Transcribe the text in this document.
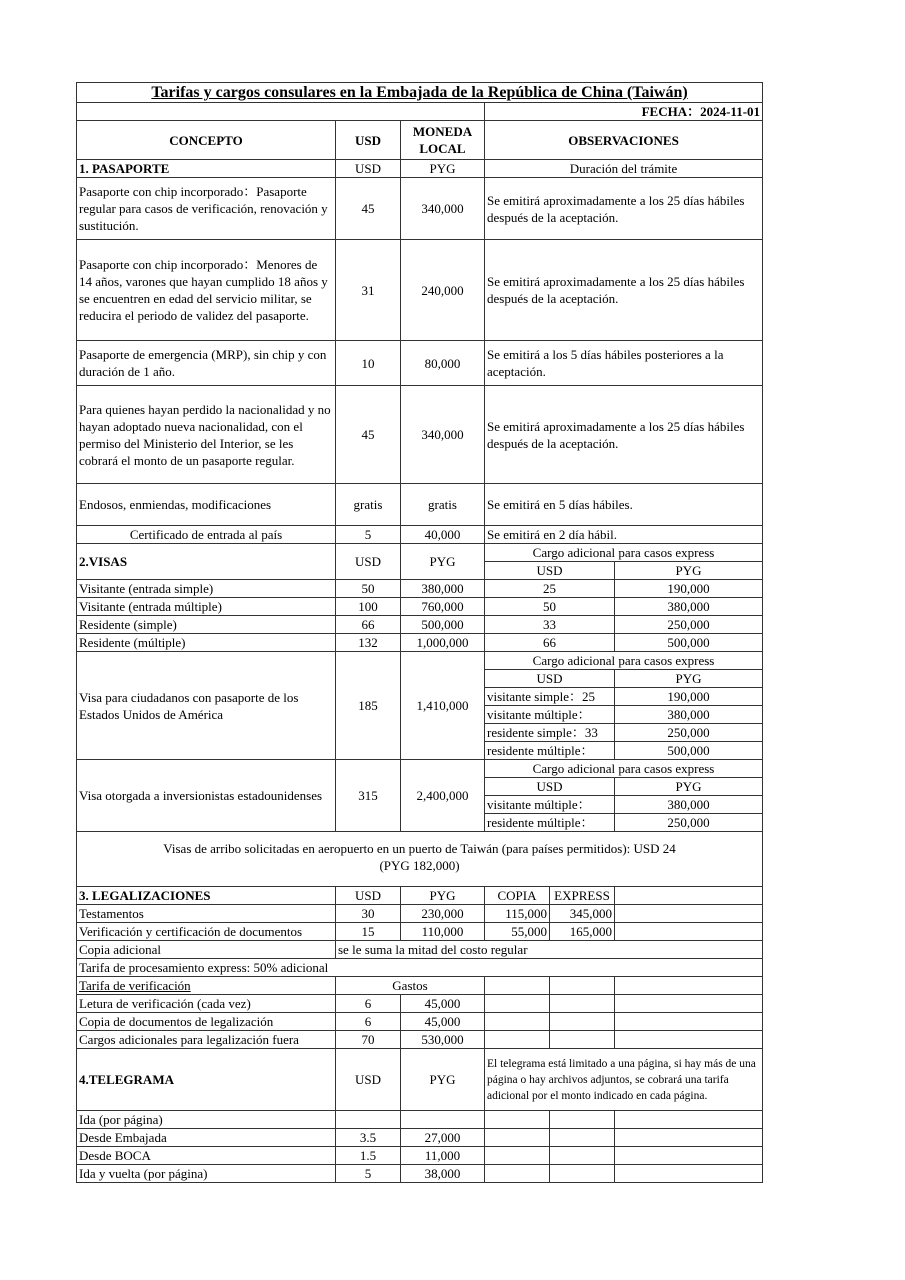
Tarifas y cargos consulares en la Embajada de la República de China (Taiwán)					
			FECHA：2024-11-01		
CONCEPTO	USD	MONEDA LOCAL	OBSERVACIONES		
1. PASAPORTE	USD	PYG	Duración del trámite		
Pasaporte con chip incorporado：Pasaporte regular para casos de verificación, renovación y sustitución.	45	340,000	Se emitirá aproximadamente a los 25 días hábiles después de la aceptación.		
Pasaporte con chip incorporado：Menores de 14 años, varones que hayan cumplido 18 años y se encuentren en edad del servicio militar, se reducira el periodo de validez del pasaporte.	31	240,000	Se emitirá aproximadamente a los 25 días hábiles después de la aceptación.		
Pasaporte de emergencia (MRP), sin chip y con duración de 1 año.	10	80,000	Se emitirá a los 5 días hábiles posteriores a la aceptación.		
Para quienes hayan perdido la nacionalidad y no hayan adoptado nueva nacionalidad, con el permiso del Ministerio del Interior, se les cobrará el monto de un pasaporte regular.	45	340,000	Se emitirá aproximadamente a los 25 días hábiles después de la aceptación.		
Endosos, enmiendas, modificaciones	gratis	gratis	Se emitirá en 5 días hábiles.		
Certificado de entrada al país	5	40,000	Se emitirá en 2 día hábil.		
2.VISAS	USD	PYG	Cargo adicional para casos express		
			USD		PYG
Visitante (entrada simple)	50	380,000	25		190,000
Visitante (entrada múltiple)	100	760,000	50		380,000
Residente (simple)	66	500,000	33		250,000
Residente (múltiple)	132	1,000,000	66		500,000
Visa para ciudadanos con pasaporte de los Estados Unidos de América	185	1,410,000	Cargo adicional para casos express		
			USD		PYG
			visitante simple：25		190,000
			visitante múltiple：		380,000
			residente simple：33		250,000
			residente múltiple：		500,000
Visa otorgada a inversionistas estadounidenses	315	2,400,000	Cargo adicional para casos express		
			USD		PYG
			visitante múltiple：		380,000
			residente múltiple：		250,000

Visas de arribo solicitadas en aeropuerto en un puerto de Taiwán (para países permitidos): USD 24
(PYG 182,000)					

3. LEGALIZACIONES	USD	PYG	COPIA	EXPRESS	
Testamentos	30	230,000	115,000	345,000	
Verificación y certificación de documentos	15	110,000	55,000	165,000	
Copia adicional	se le suma la mitad del costo regular				
Tarifa de procesamiento express: 50% adicional					
Tarifa de verificación	Gastos				
Letura de verificación (cada vez)	6	45,000			
Copia de documentos de legalización	6	45,000			
Cargos adicionales para legalización fuera	70	530,000			
4.TELEGRAMA	USD	PYG	El telegrama está limitado a una página, si hay más de una página o hay archivos adjuntos, se cobrará una tarifa adicional por el monto indicado en cada página.		
Ida (por página)					
Desde Embajada	3.5	27,000			
Desde BOCA	1.5	11,000			
Ida y vuelta (por página)	5	38,000			
